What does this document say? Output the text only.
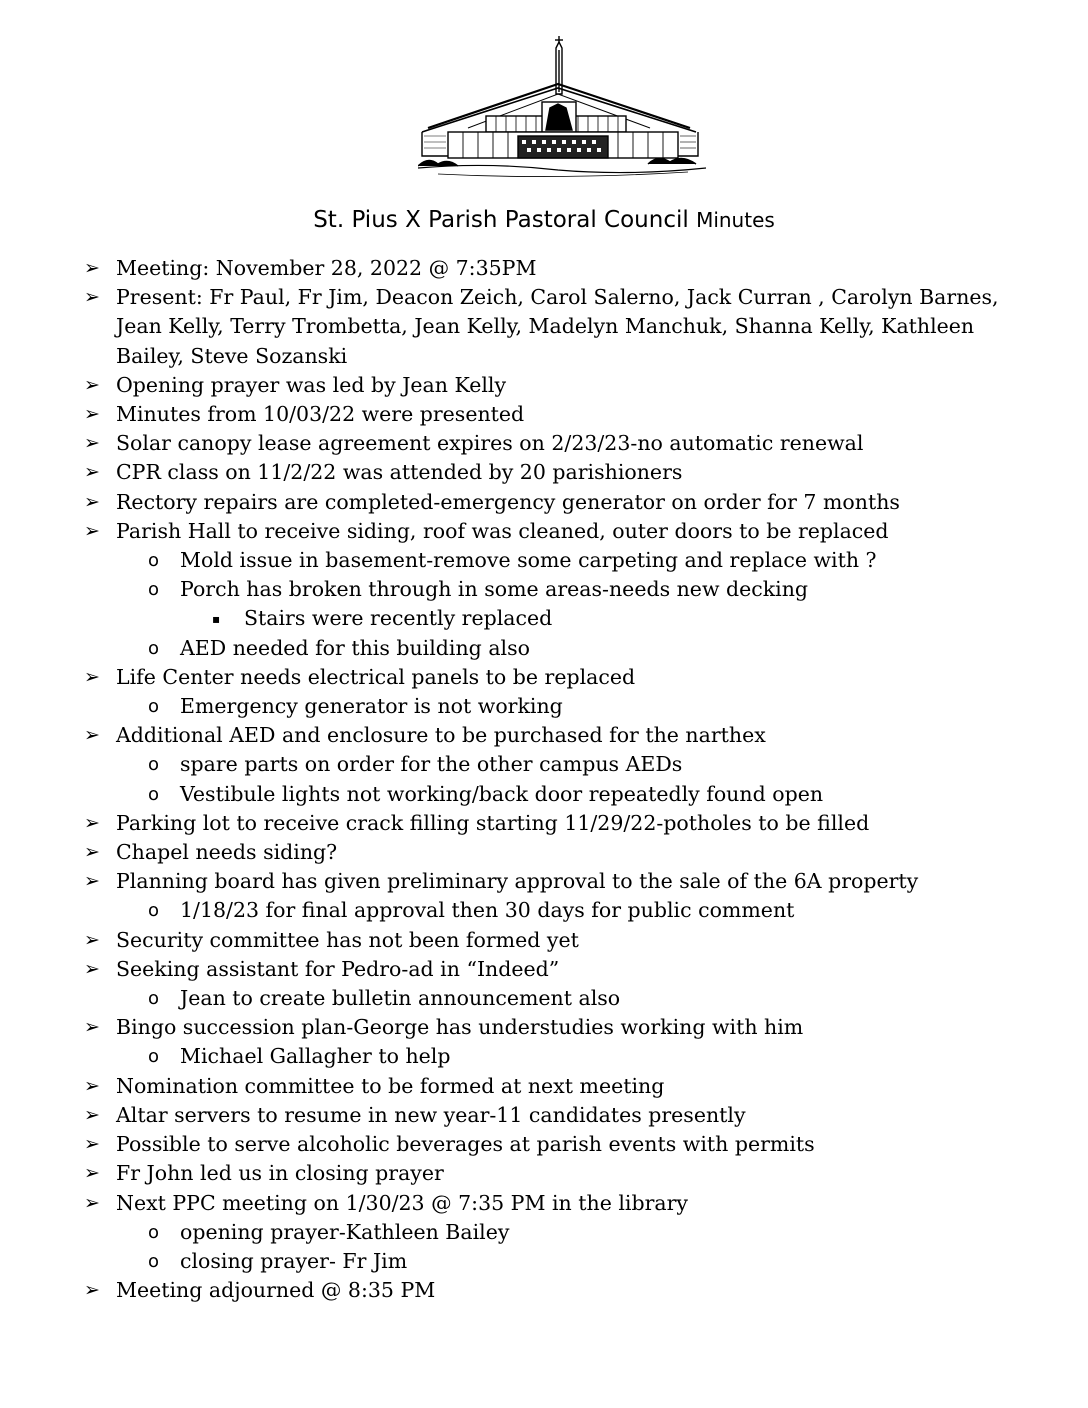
St. Pius X Parish Pastoral Council Minutes
➢ Meeting: November 28, 2022 @ 7:35PM
➢ Present: Fr Paul, Fr Jim, Deacon Zeich, Carol Salerno, Jack Curran , Carolyn Barnes, Jean Kelly, Terry Trombetta, Jean Kelly, Madelyn Manchuk, Shanna Kelly, Kathleen Bailey, Steve Sozanski
➢ Opening prayer was led by Jean Kelly
➢ Minutes from 10/03/22 were presented
➢ Solar canopy lease agreement expires on 2/23/23-no automatic renewal
➢ CPR class on 11/2/22 was attended by 20 parishioners
➢ Rectory repairs are completed-emergency generator on order for 7 months
➢ Parish Hall to receive siding, roof was cleaned, outer doors to be replaced
o Mold issue in basement-remove some carpeting and replace with ?
o Porch has broken through in some areas-needs new decking
▪ Stairs were recently replaced
o AED needed for this building also
➢ Life Center needs electrical panels to be replaced
o Emergency generator is not working
➢ Additional AED and enclosure to be purchased for the narthex
o spare parts on order for the other campus AEDs
o Vestibule lights not working/back door repeatedly found open
➢ Parking lot to receive crack filling starting 11/29/22-potholes to be filled
➢ Chapel needs siding?
➢ Planning board has given preliminary approval to the sale of the 6A property
o 1/18/23 for final approval then 30 days for public comment
➢ Security committee has not been formed yet
➢ Seeking assistant for Pedro-ad in “Indeed”
o Jean to create bulletin announcement also
➢ Bingo succession plan-George has understudies working with him
o Michael Gallagher to help
➢ Nomination committee to be formed at next meeting
➢ Altar servers to resume in new year-11 candidates presently
➢ Possible to serve alcoholic beverages at parish events with permits
➢ Fr John led us in closing prayer
➢ Next PPC meeting on 1/30/23 @ 7:35 PM in the library
o opening prayer-Kathleen Bailey
o closing prayer- Fr Jim
➢ Meeting adjourned @ 8:35 PM
